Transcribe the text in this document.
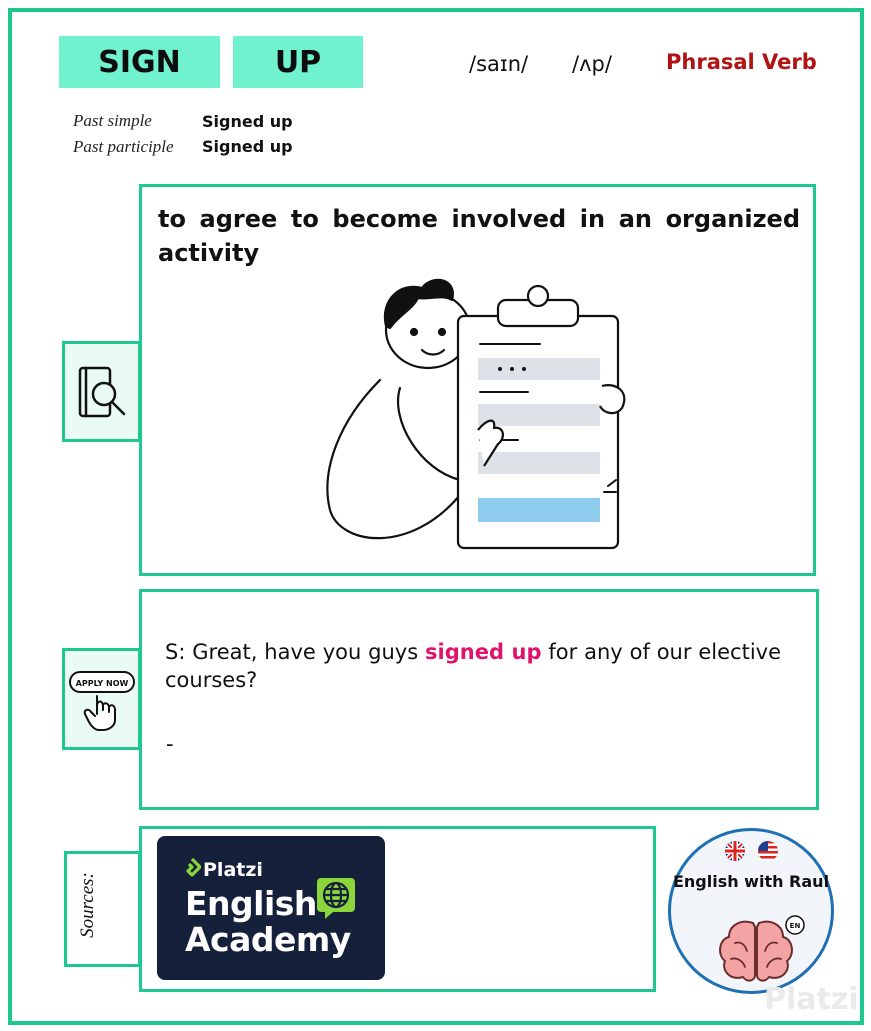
SIGN	UP	/saɪn/ /ʌp/	Phrasal Verb
Past simple	Signed up
Past participle Signed up
to agree to become involved in an organized activity
S: Great, have you guys signed up for any of our elective courses?
-
APPLY NOW
Sources:
Platzi
English
Academy
English with Raul
EN
Platzi
